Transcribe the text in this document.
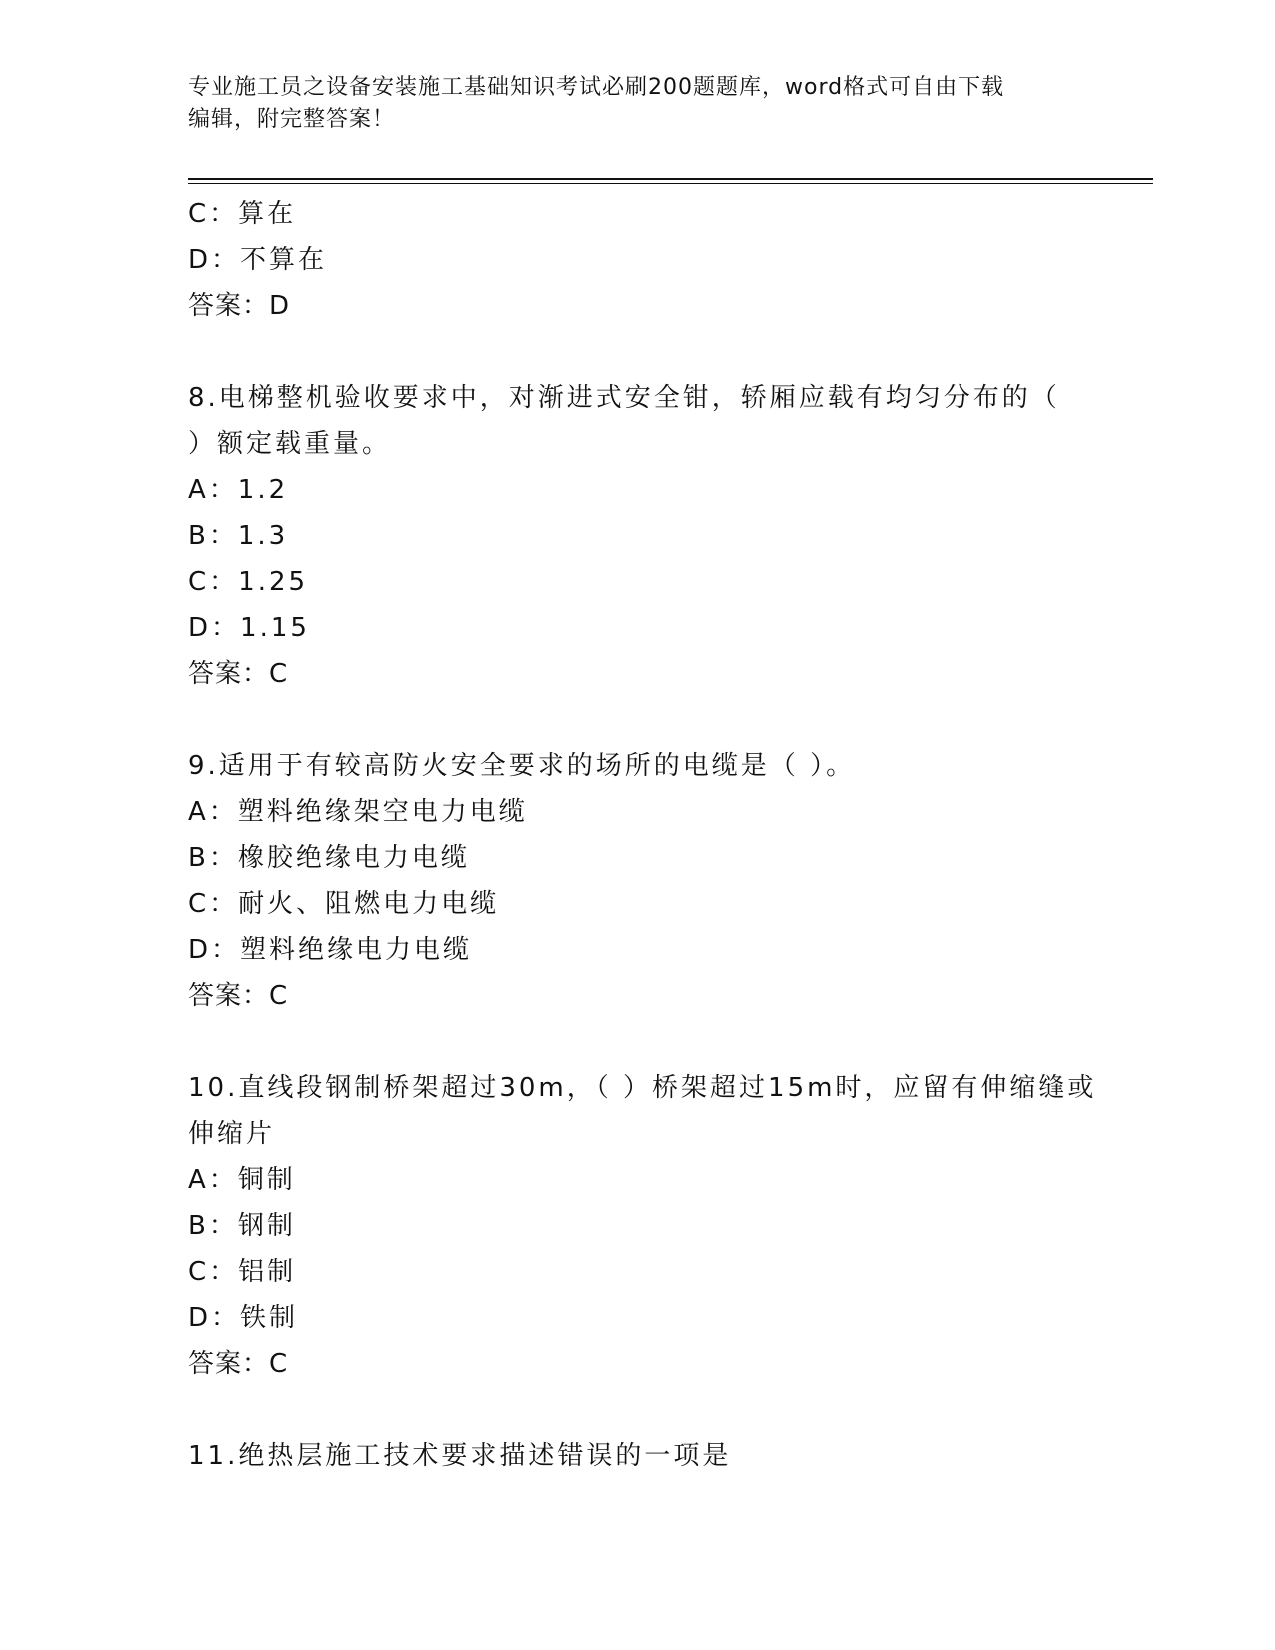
专业施工员之设备安装施工基础知识考试必刷200题题库，word格式可自由下载
编辑，附完整答案！
C：算在
D：不算在
答案：D
8.电梯整机验收要求中，对渐进式安全钳，轿厢应载有均匀分布的（
）额定载重量。
A：1.2
B：1.3
C：1.25
D：1.15
答案：C
9.适用于有较高防火安全要求的场所的电缆是（ ）。
A：塑料绝缘架空电力电缆
B：橡胶绝缘电力电缆
C：耐火、阻燃电力电缆
D：塑料绝缘电力电缆
答案：C
10.直线段钢制桥架超过30m，（ ）桥架超过15m时，应留有伸缩缝或
伸缩片
A：铜制
B：钢制
C：铝制
D：铁制
答案：C
11.绝热层施工技术要求描述错误的一项是
